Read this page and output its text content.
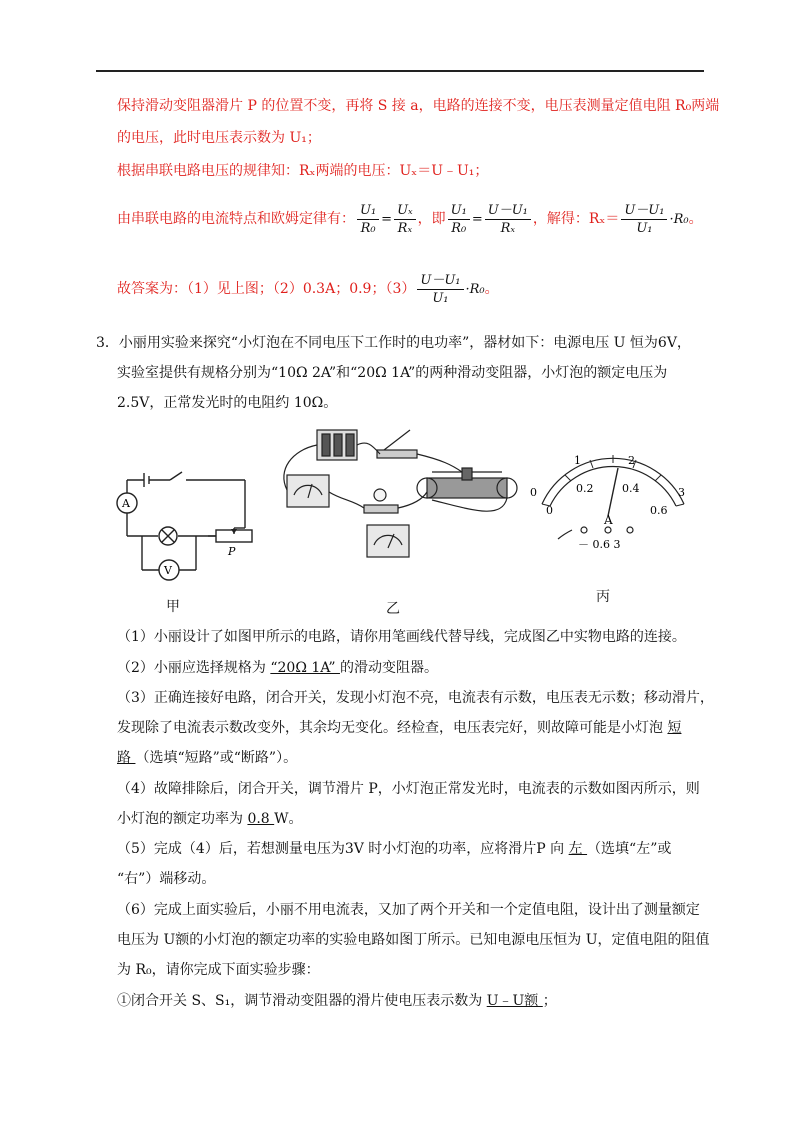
保持滑动变阻器滑片 P 的位置不变，再将 S 接 a，电路的连接不变，电压表测量定值电阻 R₀两端
的电压，此时电压表示数为 U₁；
根据串联电路电压的规律知：Rₓ两端的电压：Uₓ＝U﹣U₁；
由串联电路的电流特点和欧姆定律有： $\frac{\text{U₁}}{\text{R₀}} = \frac{\text{Uₓ}}{\text{Rₓ}}$ ，即 $\frac{\text{U₁}}{\text{R₀}} = \frac{\text{U－U₁}}{\text{Rₓ}}$ ，解得：$R_x= \frac{\text{U－U₁}}{\text{U₁}} \cdot R_0$。
故答案为：（1）见上图；（2）0.3A；0.9；$(3) \frac{\text{U－U₁}}{\text{U₁}} \cdot R_0$。
3．小丽用实验来探究“小灯泡在不同电压下工作时的电功率”，器材如下：电源电压 U 恒为6V，
实验室提供有规格分别为“10Ω 2A”和“20Ω 1A”的两种滑动变阻器，小灯泡的额定电压为
2.5V，正常发光时的电阻约 10Ω。
A
V
P
甲	乙
0
1	2
3
0
0.2	0.4
0.6
A
－ 0.6 3
丙
（1）小丽设计了如图甲所示的电路，请你用笔画线代替导线，完成图乙中实物电路的连接。
（2）小丽应选择规格为 “20Ω 1A” 的滑动变阻器。
（3）正确连接好电路，闭合开关，发现小灯泡不亮，电流表有示数，电压表无示数；移动滑片，
发现除了电流表示数改变外，其余均无变化。经检查，电压表完好，则故障可能是小灯泡 短
路 （选填“短路”或“断路”）。
（4）故障排除后，闭合开关，调节滑片 P，小灯泡正常发光时，电流表的示数如图丙所示，则
小灯泡的额定功率为 0.8 W。
（5）完成（4）后，若想测量电压为3V 时小灯泡的功率，应将滑片P 向 左 （选填“左”或
“右”）端移动。
（6）完成上面实验后，小丽不用电流表，又加了两个开关和一个定值电阻，设计出了测量额定
电压为 U额的小灯泡的额定功率的实验电路如图丁所示。已知电源电压恒为 U，定值电阻的阻值
为 R₀，请你完成下面实验步骤：
①闭合开关 S、S₁，调节滑动变阻器的滑片使电压表示数为 U﹣U额 ；
